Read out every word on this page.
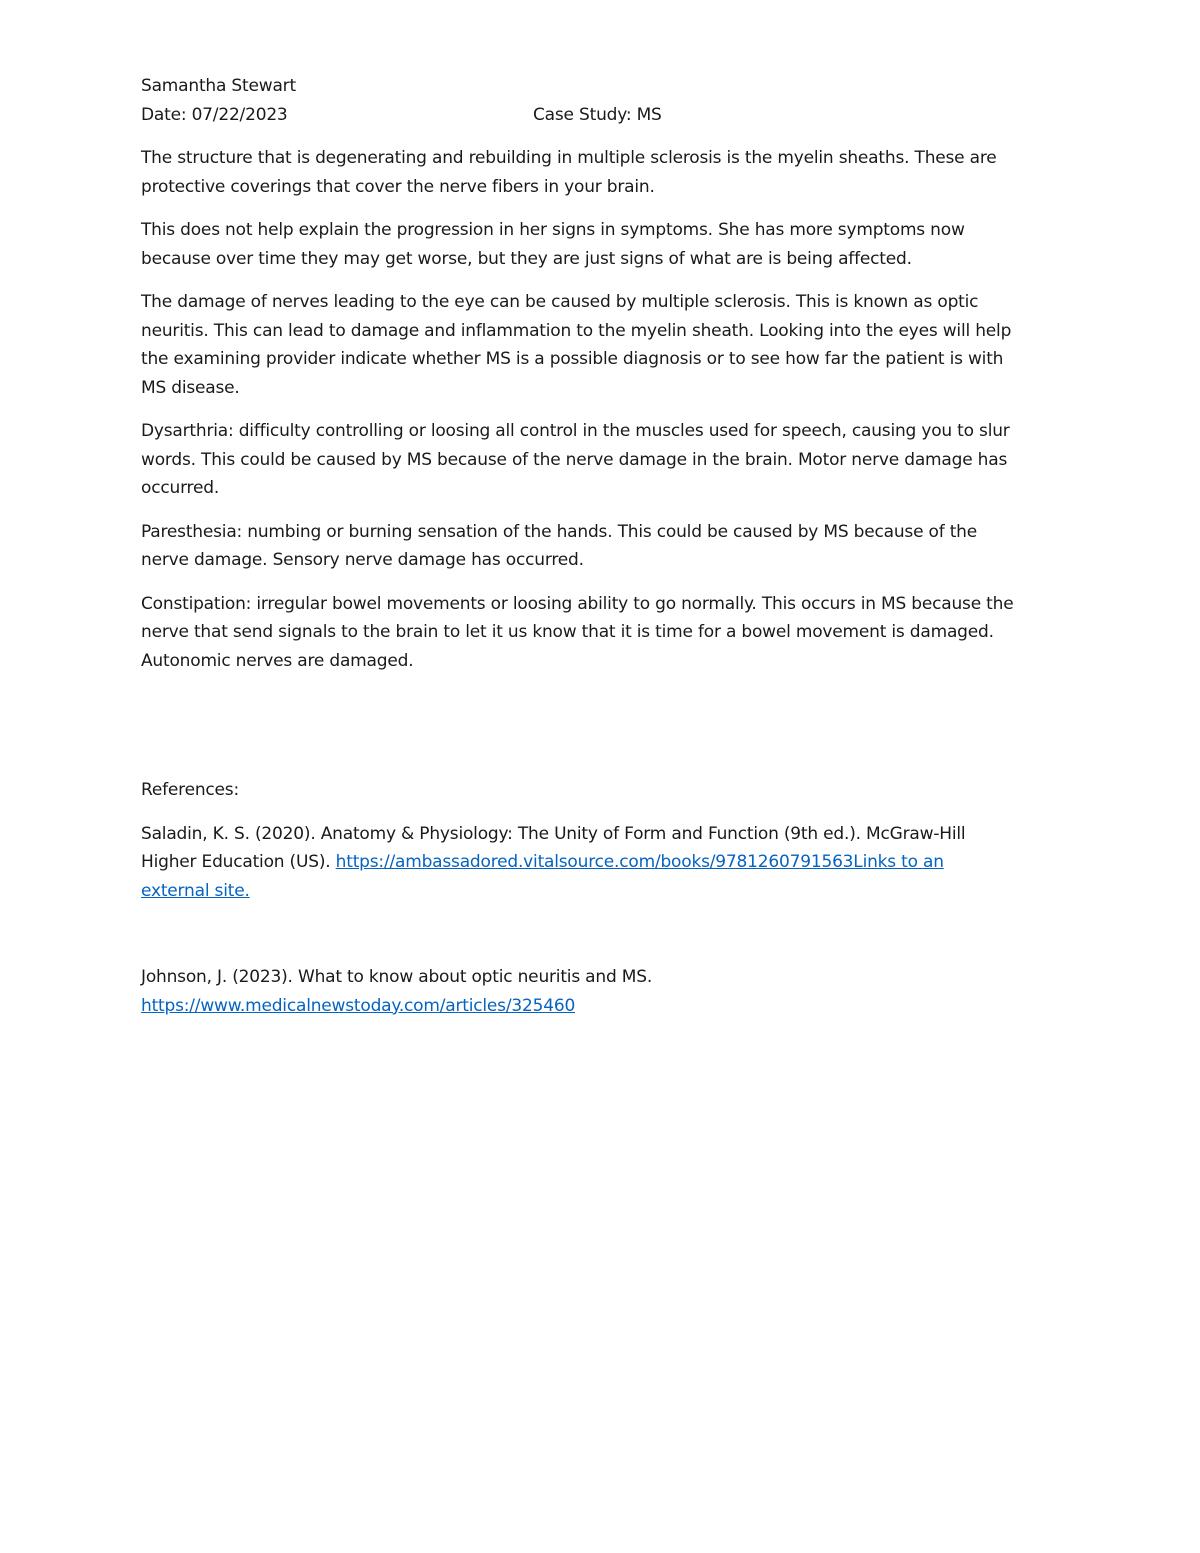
Samantha Stewart

Date: 07/22/2023	Case Study: MS

The structure that is degenerating and rebuilding in multiple sclerosis is the myelin sheaths. These are
protective coverings that cover the nerve fibers in your brain.

This does not help explain the progression in her signs in symptoms. She has more symptoms now
because over time they may get worse, but they are just signs of what are is being affected.

The damage of nerves leading to the eye can be caused by multiple sclerosis. This is known as optic
neuritis. This can lead to damage and inflammation to the myelin sheath. Looking into the eyes will help
the examining provider indicate whether MS is a possible diagnosis or to see how far the patient is with
MS disease.

Dysarthria: difficulty controlling or loosing all control in the muscles used for speech, causing you to slur
words. This could be caused by MS because of the nerve damage in the brain. Motor nerve damage has
occurred.

Paresthesia: numbing or burning sensation of the hands. This could be caused by MS because of the
nerve damage. Sensory nerve damage has occurred.

Constipation: irregular bowel movements or loosing ability to go normally. This occurs in MS because the
nerve that send signals to the brain to let it us know that it is time for a bowel movement is damaged.
Autonomic nerves are damaged.

References:

Saladin, K. S. (2020). Anatomy & Physiology: The Unity of Form and Function (9th ed.). McGraw-Hill
Higher Education (US). https://ambassadored.vitalsource.com/books/9781260791563Links to an
external site.
Johnson, J. (2023). What to know about optic neuritis and MS.
https://www.medicalnewstoday.com/articles/325460
